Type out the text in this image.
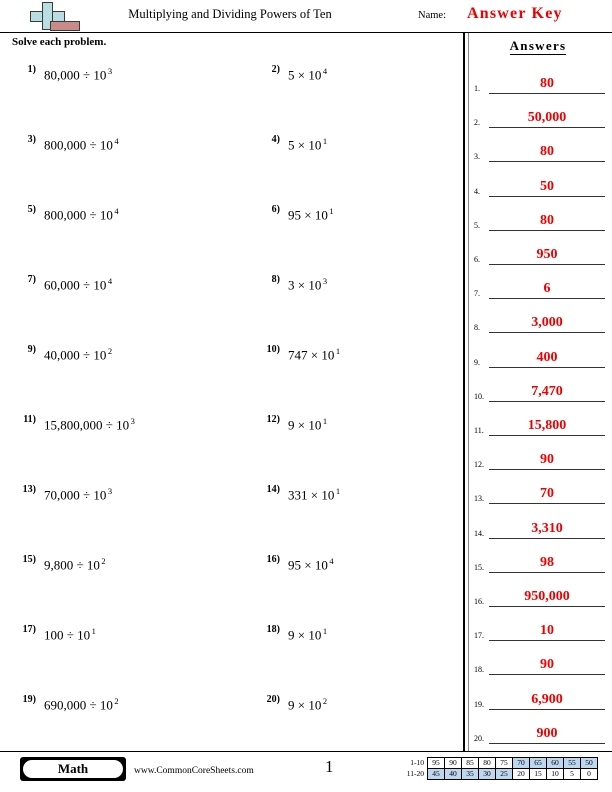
Multiplying and Dividing Powers of Ten	Name: Answer Key
Solve each problem.
1) 80,000 ÷ 10 $^3$	2) 5 × 10 $^4$
3) 800,000 ÷ 10 $^4$	4) 5 × 10 $^1$
5) 800,000 ÷ 10 $^4$	6) 95 × 10 $^1$
7) 60,000 ÷ 10 $^4$	8) 3 × 10 $^3$
9) 40,000 ÷ 10 $^2$	10) 747 × 10 $^1$
11) 15,800,000 ÷ 10 $^3$	12) 9 × 10 $^1$
13) 70,000 ÷ 10 $^3$	14) 331 × 10 $^1$
15) 9,800 ÷ 10 $^2$	16) 95 × 10 $^4$
17) 100 ÷ 10 $^1$	18) 9 × 10 $^1$
19) 690,000 ÷ 10 $^2$	20) 9 × 10 $^2$
Answers
1.	80
2.	50,000
3.	80
4.	50
5.	80
6.	950
7.	6
8.	3,000
9.	400
10.	7,470
11.	15,800
12.	90
13.	70
14.	3,310
15.	98
16.	950,000
17.	10
18.	90
19.	6,900
20.	900
Math	www.CommonCoreSheets.com	1	1-10	95	90	85	80	75	70	65	60	55	50
11-20	45	40	35	30	25	20	15	10	5	0
